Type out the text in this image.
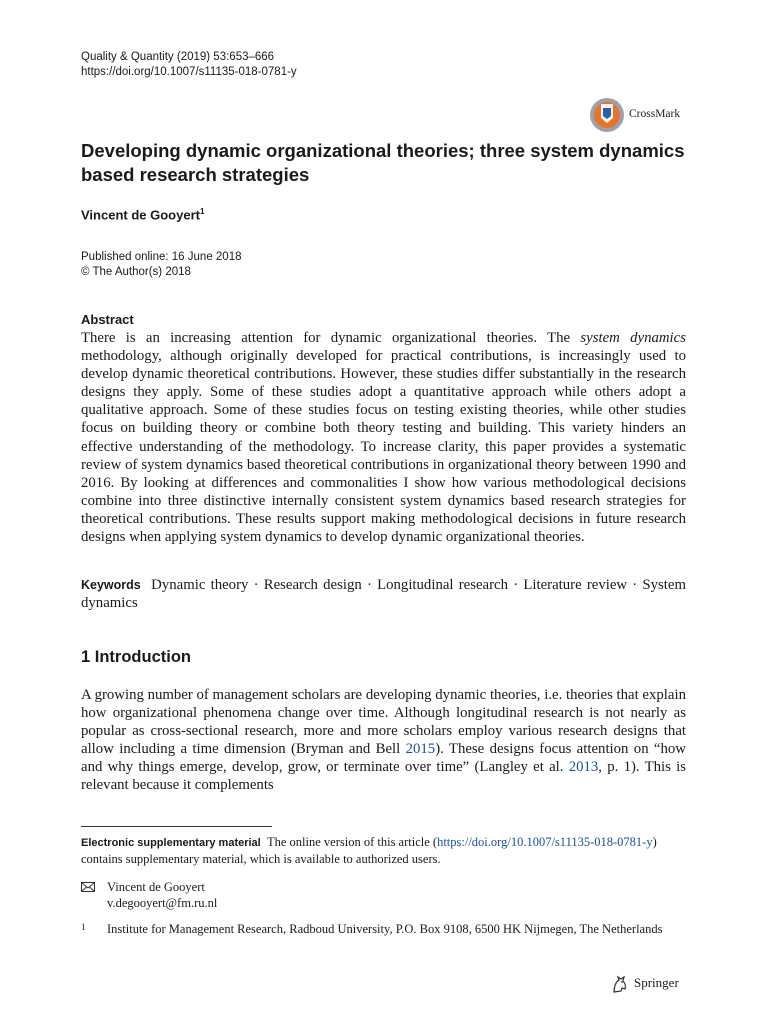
Quality & Quantity (2019) 53:653–666
https://doi.org/10.1007/s11135-018-0781-y
CrossMark
Developing dynamic organizational theories; three system dynamics based research strategies
Vincent de Gooyert$^1$
Published online: 16 June 2018
© The Author(s) 2018
Abstract
There is an increasing attention for dynamic organizational theories. The system dynamics methodology, although originally developed for practical contributions, is increasingly used to develop dynamic theoretical contributions. However, these studies differ substantially in the research designs they apply. Some of these studies adopt a quantitative approach while others adopt a qualitative approach. Some of these studies focus on testing existing theories, while other studies focus on building theory or combine both theory testing and building. This variety hinders an effective understanding of the methodology. To increase clarity, this paper provides a systematic review of system dynamics based theoretical contributions in organizational theory between 1990 and 2016. By looking at differences and commonalities I show how various methodological decisions combine into three distinctive internally consistent system dynamics based research strategies for theoretical contributions. These results support making methodological decisions in future research designs when applying system dynamics to develop dynamic organizational theories.
Keywords Dynamic theory · Research design · Longitudinal research · Literature review · System dynamics
1 Introduction
A growing number of management scholars are developing dynamic theories, i.e. theories that explain how organizational phenomena change over time. Although longitudinal research is not nearly as popular as cross-sectional research, more and more scholars employ various research designs that allow including a time dimension (Bryman and Bell 2015). These designs focus attention on “how and why things emerge, develop, grow, or terminate over time” (Langley et al. 2013, p. 1). This is relevant because it complements
Electronic supplementary material The online version of this article (https://doi.org/10.1007/s11135-018-0781-y) contains supplementary material, which is available to authorized users.
Vincent de Gooyert
v.degooyert@fm.ru.nl
1 Institute for Management Research, Radboud University, P.O. Box 9108, 6500 HK Nijmegen, The Netherlands
Springer
